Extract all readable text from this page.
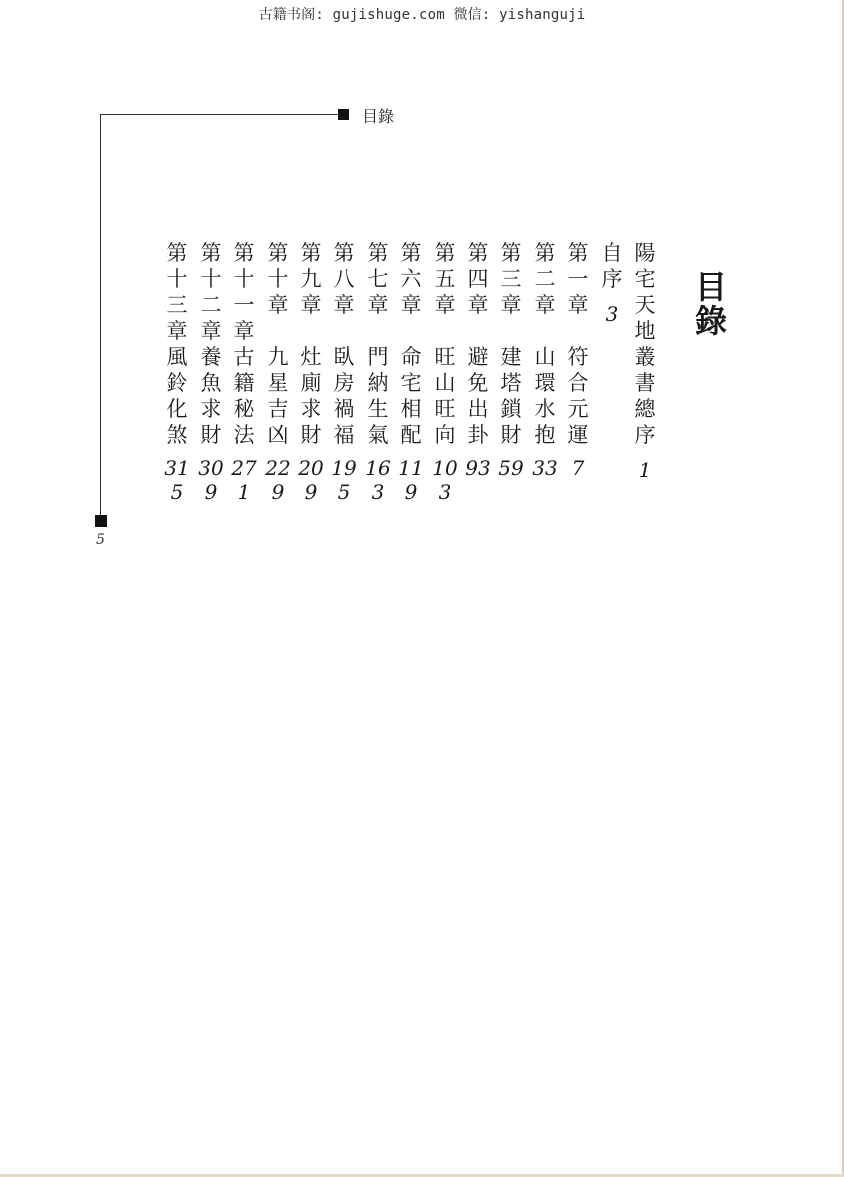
古籍书阁: gujishuge.com 微信: yishanguji
目錄
5
目錄
陽宅天地叢書總序
1
自序
3
第一章
符合元運
7
第二章
山環水抱
33
第三章
建塔鎖財
59
第四章
避免出卦
93
第五章
旺山旺向
103
第六章
命宅相配
119
第七章
門納生氣
163
第八章
臥房禍福
195
第九章
灶廁求財
209
第十章
九星吉凶
229
第十一章
古籍秘法
271
第十二章
養魚求財
309
第十三章
風鈴化煞
315
